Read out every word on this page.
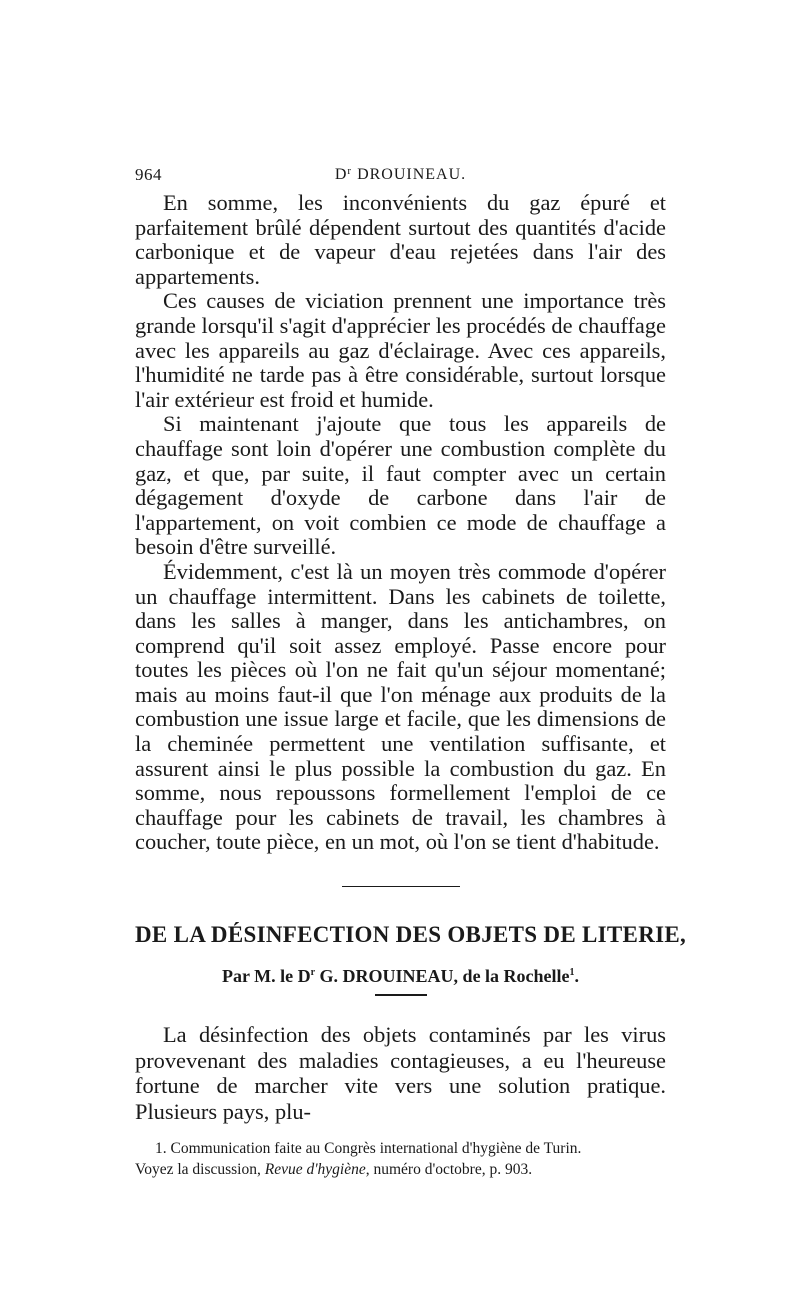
964	$D^r$ DROUINEAU.

En somme, les inconvénients du gaz épuré et parfaitement brûlé dépendent surtout des quantités d'acide carbonique et de vapeur d'eau rejetées dans l'air des appartements.

Ces causes de viciation prennent une importance très grande lorsqu'il s'agit d'apprécier les procédés de chauffage avec les appareils au gaz d'éclairage. Avec ces appareils, l'humidité ne tarde pas à être considérable, surtout lorsque l'air extérieur est froid et humide.

Si maintenant j'ajoute que tous les appareils de chauffage sont loin d'opérer une combustion complète du gaz, et que, par suite, il faut compter avec un certain dégagement d'oxyde de carbone dans l'air de l'appartement, on voit combien ce mode de chauffage a besoin d'être surveillé.

Évidemment, c'est là un moyen très commode d'opérer un chauffage intermittent. Dans les cabinets de toilette, dans les salles à manger, dans les antichambres, on comprend qu'il soit assez employé. Passe encore pour toutes les pièces où l'on ne fait qu'un séjour momentané; mais au moins faut-il que l'on ménage aux produits de la combustion une issue large et facile, que les dimensions de la cheminée permettent une ventilation suffisante, et assurent ainsi le plus possible la combustion du gaz. En somme, nous repoussons formellement l'emploi de ce chauffage pour les cabinets de travail, les chambres à coucher, toute pièce, en un mot, où l'on se tient d'habitude.

DE LA DÉSINFECTION DES OBJETS DE LITERIE,
Par M. le $D^r$ G. DROUINEAU, de la Rochelle$^1$.

La désinfection des objets contaminés par les virus provevenant des maladies contagieuses, a eu l'heureuse fortune de marcher vite vers une solution pratique. Plusieurs pays, plu-

1. Communication faite au Congrès international d'hygiène de Turin.

Voyez la discussion, Revue d'hygiène, numéro d'octobre, p. 903.
